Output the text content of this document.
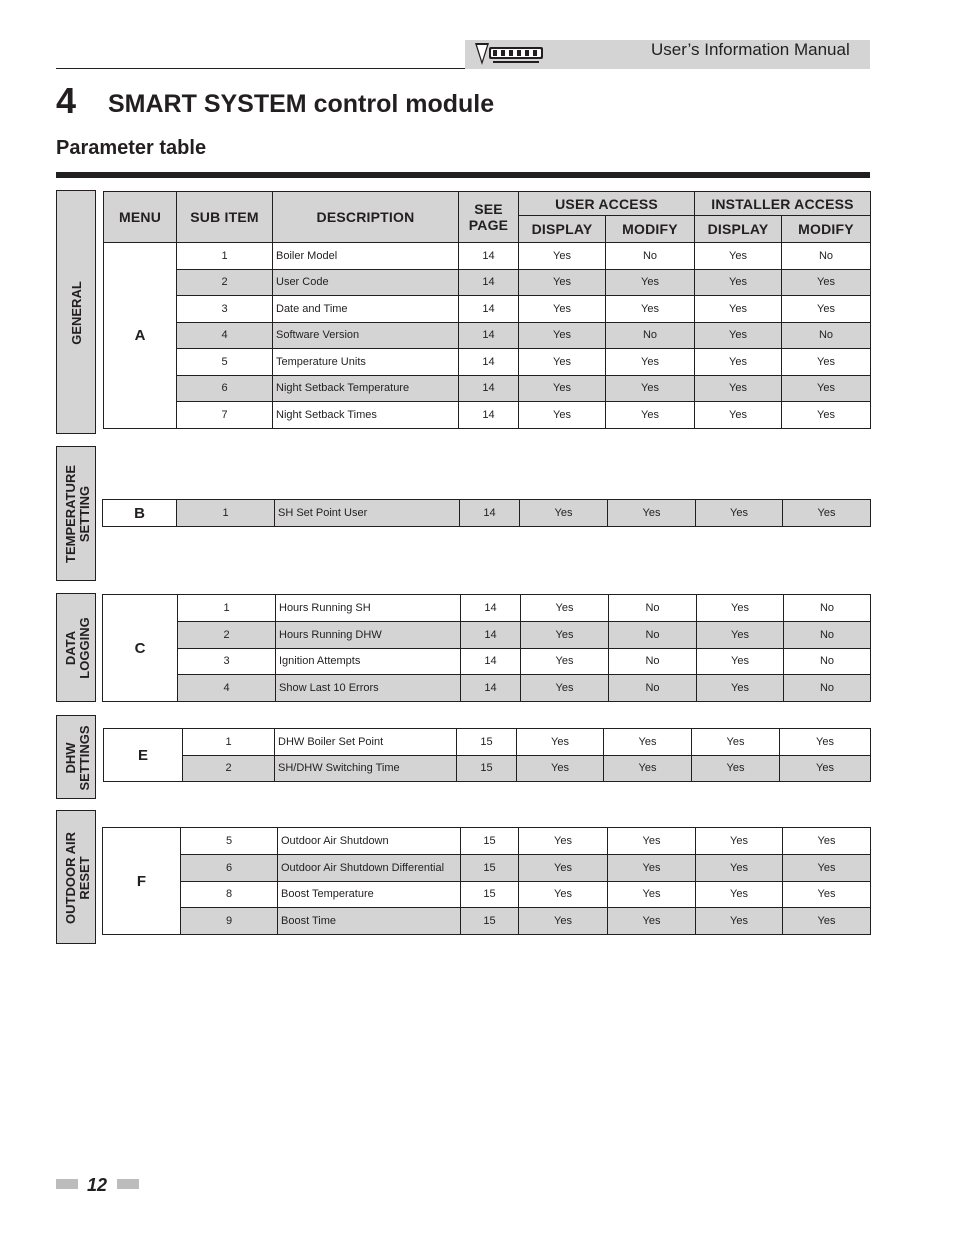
User’s Information Manual
4 SMART SYSTEM control module
Parameter table
GENERAL
TEMPERATURE SETTING
DATA LOGGING
DHW SETTINGS
OUTDOOR AIR RESET
MENU	SUB ITEM	DESCRIPTION	SEE PAGE	USER ACCESS		INSTALLER ACCESS	
				DISPLAY	MODIFY	DISPLAY	MODIFY
A	1	Boiler Model	14	Yes	No	Yes	No
	2	User Code	14	Yes	Yes	Yes	Yes
	3	Date and Time	14	Yes	Yes	Yes	Yes
	4	Software Version	14	Yes	No	Yes	No
	5	Temperature Units	14	Yes	Yes	Yes	Yes
	6	Night Setback Temperature	14	Yes	Yes	Yes	Yes
	7	Night Setback Times	14	Yes	Yes	Yes	Yes
B	1	SH Set Point User	14	Yes	Yes	Yes	Yes
C	1	Hours Running SH	14	Yes	No	Yes	No
	2	Hours Running DHW	14	Yes	No	Yes	No
	3	Ignition Attempts	14	Yes	No	Yes	No
	4	Show Last 10 Errors	14	Yes	No	Yes	No
E	1	DHW Boiler Set Point	15	Yes	Yes	Yes	Yes
	2	SH/DHW Switching Time	15	Yes	Yes	Yes	Yes
F	5	Outdoor Air Shutdown	15	Yes	Yes	Yes	Yes
	6	Outdoor Air Shutdown Differential	15	Yes	Yes	Yes	Yes
	8	Boost Temperature	15	Yes	Yes	Yes	Yes
	9	Boost Time	15	Yes	Yes	Yes	Yes
12
